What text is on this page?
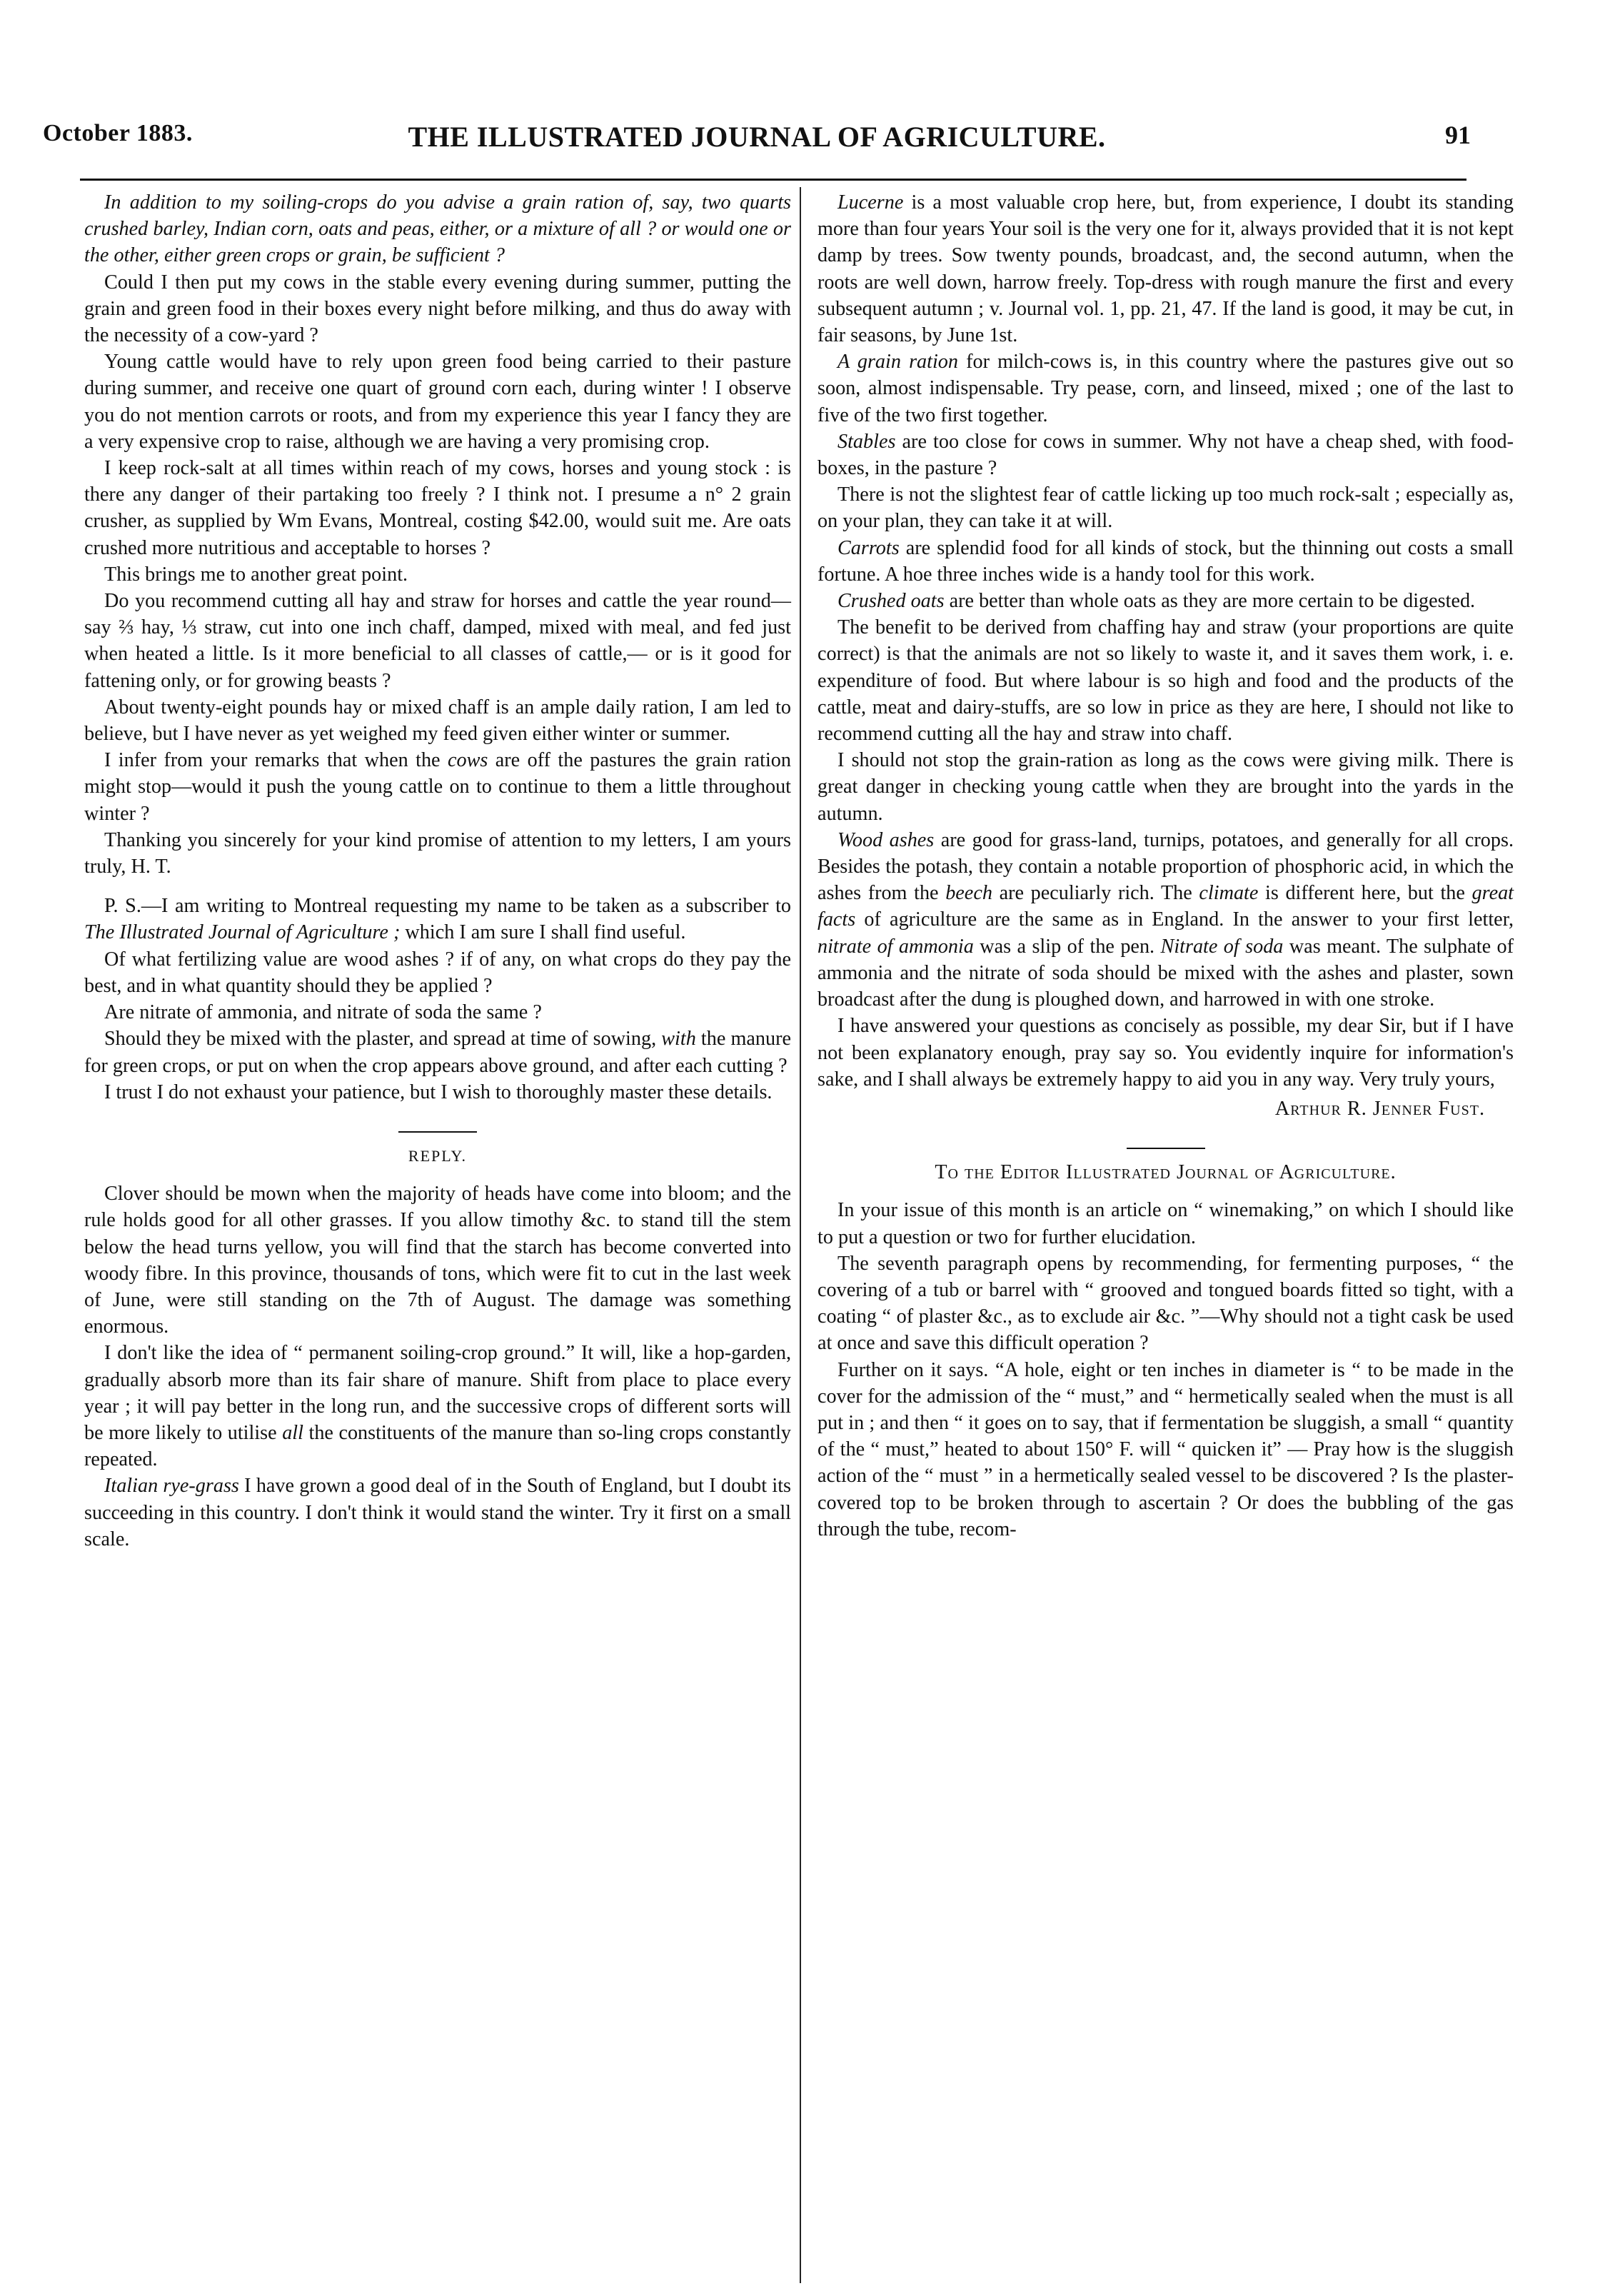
October 1883.	THE ILLUSTRATED JOURNAL OF AGRICULTURE.	91

In addition to my soiling-crops do you advise a grain ration of, say, two quarts crushed barley, Indian corn, oats and peas, either, or a mixture of all ? or would one or the other, either green crops or grain, be sufficient ?

Could I then put my cows in the stable every evening during summer, putting the grain and green food in their boxes every night before milking, and thus do away with the necessity of a cow-yard ?

Young cattle would have to rely upon green food being carried to their pasture during summer, and receive one quart of ground corn each, during winter ! I observe you do not mention carrots or roots, and from my experience this year I fancy they are a very expensive crop to raise, although we are having a very promising crop.

I keep rock-salt at all times within reach of my cows, horses and young stock : is there any danger of their partaking too freely ? I think not. I presume a n° 2 grain crusher, as supplied by Wm Evans, Montreal, costing $42.00, would suit me. Are oats crushed more nutritious and acceptable to horses ?

This brings me to another great point.

Do you recommend cutting all hay and straw for horses and cattle the year round—say ⅔ hay, ⅓ straw, cut into one inch chaff, damped, mixed with meal, and fed just when heated a little. Is it more beneficial to all classes of cattle,— or is it good for fattening only, or for growing beasts ?

About twenty-eight pounds hay or mixed chaff is an ample daily ration, I am led to believe, but I have never as yet weighed my feed given either winter or summer.

I infer from your remarks that when the cows are off the pastures the grain ration might stop—would it push the young cattle on to continue to them a little throughout winter ?

Thanking you sincerely for your kind promise of attention to my letters, I am yours truly, H. T.

P. S.—I am writing to Montreal requesting my name to be taken as a subscriber to The Illustrated Journal of Agriculture ; which I am sure I shall find useful.

Of what fertilizing value are wood ashes ? if of any, on what crops do they pay the best, and in what quantity should they be applied ?

Are nitrate of ammonia, and nitrate of soda the same ?

Should they be mixed with the plaster, and spread at time of sowing, with the manure for green crops, or put on when the crop appears above ground, and after each cutting ?

I trust I do not exhaust your patience, but I wish to thoroughly master these details.

REPLY.

Clover should be mown when the majority of heads have come into bloom; and the rule holds good for all other grasses. If you allow timothy &c. to stand till the stem below the head turns yellow, you will find that the starch has become converted into woody fibre. In this province, thousands of tons, which were fit to cut in the last week of June, were still standing on the 7th of August. The damage was something enormous.

I don't like the idea of “ permanent soiling-crop ground.” It will, like a hop-garden, gradually absorb more than its fair share of manure. Shift from place to place every year ; it will pay better in the long run, and the successive crops of different sorts will be more likely to utilise all the constituents of the manure than so-ling crops constantly repeated.

Italian rye-grass I have grown a good deal of in the South of England, but I doubt its succeeding in this country. I don't think it would stand the winter. Try it first on a small scale.

Lucerne is a most valuable crop here, but, from experience, I doubt its standing more than four years Your soil is the very one for it, always provided that it is not kept damp by trees. Sow twenty pounds, broadcast, and, the second autumn, when the roots are well down, harrow freely. Top-dress with rough manure the first and every subsequent autumn ; v. Journal vol. 1, pp. 21, 47. If the land is good, it may be cut, in fair seasons, by June 1st.

A grain ration for milch-cows is, in this country where the pastures give out so soon, almost indispensable. Try pease, corn, and linseed, mixed ; one of the last to five of the two first together.

Stables are too close for cows in summer. Why not have a cheap shed, with food-boxes, in the pasture ?

There is not the slightest fear of cattle licking up too much rock-salt ; especially as, on your plan, they can take it at will.

Carrots are splendid food for all kinds of stock, but the thinning out costs a small fortune. A hoe three inches wide is a handy tool for this work.

Crushed oats are better than whole oats as they are more certain to be digested.

The benefit to be derived from chaffing hay and straw (your proportions are quite correct) is that the animals are not so likely to waste it, and it saves them work, i. e. expenditure of food. But where labour is so high and food and the products of the cattle, meat and dairy-stuffs, are so low in price as they are here, I should not like to recommend cutting all the hay and straw into chaff.

I should not stop the grain-ration as long as the cows were giving milk. There is great danger in checking young cattle when they are brought into the yards in the autumn.

Wood ashes are good for grass-land, turnips, potatoes, and generally for all crops. Besides the potash, they contain a notable proportion of phosphoric acid, in which the ashes from the beech are peculiarly rich. The climate is different here, but the great facts of agriculture are the same as in England. In the answer to your first letter, nitrate of ammonia was a slip of the pen. Nitrate of soda was meant. The sulphate of ammonia and the nitrate of soda should be mixed with the ashes and plaster, sown broadcast after the dung is ploughed down, and harrowed in with one stroke.

I have answered your questions as concisely as possible, my dear Sir, but if I have not been explanatory enough, pray say so. You evidently inquire for information's sake, and I shall always be extremely happy to aid you in any way. Very truly yours,

Arthur R. Jenner Fust.
To the Editor Illustrated Journal of Agriculture.

In your issue of this month is an article on “ winemaking,” on which I should like to put a question or two for further elucidation.

The seventh paragraph opens by recommending, for fermenting purposes, “ the covering of a tub or barrel with “ grooved and tongued boards fitted so tight, with a coating “ of plaster &c., as to exclude air &c. ”—Why should not a tight cask be used at once and save this difficult operation ?

Further on it says. “A hole, eight or ten inches in diameter is “ to be made in the cover for the admission of the “ must,” and “ hermetically sealed when the must is all put in ; and then “ it goes on to say, that if fermentation be sluggish, a small “ quantity of the “ must,” heated to about 150° F. will “ quicken it” — Pray how is the sluggish action of the “ must ” in a hermetically sealed vessel to be discovered ? Is the plaster-covered top to be broken through to ascertain ? Or does the bubbling of the gas through the tube, recom-
